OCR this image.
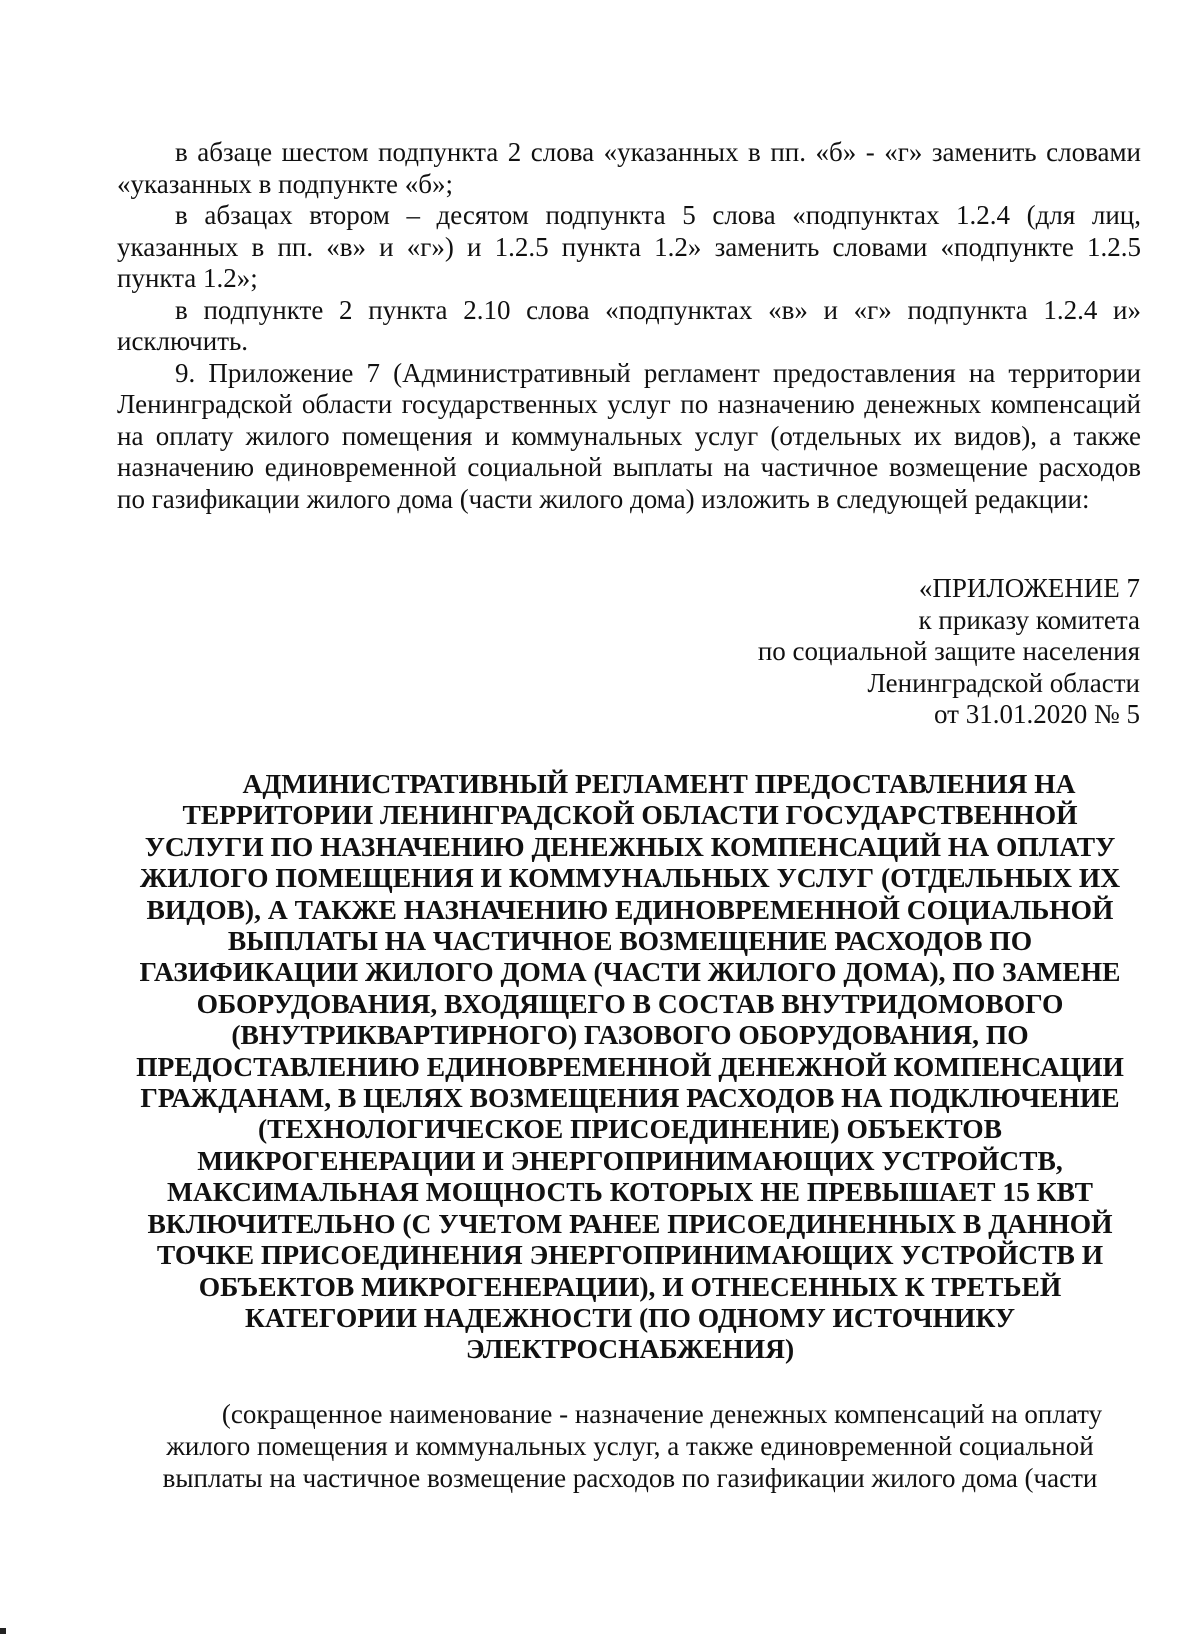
в абзаце шестом подпункта 2 слова «указанных в пп. «б» - «г» заменить словами «указанных в подпункте «б»;

в абзацах втором – десятом подпункта 5 слова «подпунктах 1.2.4 (для лиц, указанных в пп. «в» и «г») и 1.2.5 пункта 1.2» заменить словами «подпункте 1.2.5 пункта 1.2»;

в подпункте 2 пункта 2.10 слова «подпунктах «в» и «г» подпункта 1.2.4 и» исключить.

9. Приложение 7 (Административный регламент предоставления на территории Ленинградской области государственных услуг по назначению денежных компенсаций на оплату жилого помещения и коммунальных услуг (отдельных их видов), а также назначению единовременной социальной выплаты на частичное возмещение расходов по газификации жилого дома (части жилого дома) изложить в следующей редакции:

«ПРИЛОЖЕНИЕ 7
к приказу комитета
по социальной защите населения
Ленинградской области
от 31.01.2020 № 5
АДМИНИСТРАТИВНЫЙ РЕГЛАМЕНТ ПРЕДОСТАВЛЕНИЯ НА
ТЕРРИТОРИИ ЛЕНИНГРАДСКОЙ ОБЛАСТИ ГОСУДАРСТВЕННОЙ
УСЛУГИ ПО НАЗНАЧЕНИЮ ДЕНЕЖНЫХ КОМПЕНСАЦИЙ НА ОПЛАТУ
ЖИЛОГО ПОМЕЩЕНИЯ И КОММУНАЛЬНЫХ УСЛУГ (ОТДЕЛЬНЫХ ИХ
ВИДОВ), А ТАКЖЕ НАЗНАЧЕНИЮ ЕДИНОВРЕМЕННОЙ СОЦИАЛЬНОЙ
ВЫПЛАТЫ НА ЧАСТИЧНОЕ ВОЗМЕЩЕНИЕ РАСХОДОВ ПО
ГАЗИФИКАЦИИ ЖИЛОГО ДОМА (ЧАСТИ ЖИЛОГО ДОМА), ПО ЗАМЕНЕ
ОБОРУДОВАНИЯ, ВХОДЯЩЕГО В СОСТАВ ВНУТРИДОМОВОГО
(ВНУТРИКВАРТИРНОГО) ГАЗОВОГО ОБОРУДОВАНИЯ, ПО
ПРЕДОСТАВЛЕНИЮ ЕДИНОВРЕМЕННОЙ ДЕНЕЖНОЙ КОМПЕНСАЦИИ
ГРАЖДАНАМ, В ЦЕЛЯХ ВОЗМЕЩЕНИЯ РАСХОДОВ НА ПОДКЛЮЧЕНИЕ
(ТЕХНОЛОГИЧЕСКОЕ ПРИСОЕДИНЕНИЕ) ОБЪЕКТОВ
МИКРОГЕНЕРАЦИИ И ЭНЕРГОПРИНИМАЮЩИХ УСТРОЙСТВ,
МАКСИМАЛЬНАЯ МОЩНОСТЬ КОТОРЫХ НЕ ПРЕВЫШАЕТ 15 КВТ
ВКЛЮЧИТЕЛЬНО (С УЧЕТОМ РАНЕЕ ПРИСОЕДИНЕННЫХ В ДАННОЙ
ТОЧКЕ ПРИСОЕДИНЕНИЯ ЭНЕРГОПРИНИМАЮЩИХ УСТРОЙСТВ И
ОБЪЕКТОВ МИКРОГЕНЕРАЦИИ), И ОТНЕСЕННЫХ К ТРЕТЬЕЙ
КАТЕГОРИИ НАДЕЖНОСТИ (ПО ОДНОМУ ИСТОЧНИКУ
ЭЛЕКТРОСНАБЖЕНИЯ)
(сокращенное наименование - назначение денежных компенсаций на оплату
жилого помещения и коммунальных услуг, а также единовременной социальной
выплаты на частичное возмещение расходов по газификации жилого дома (части
